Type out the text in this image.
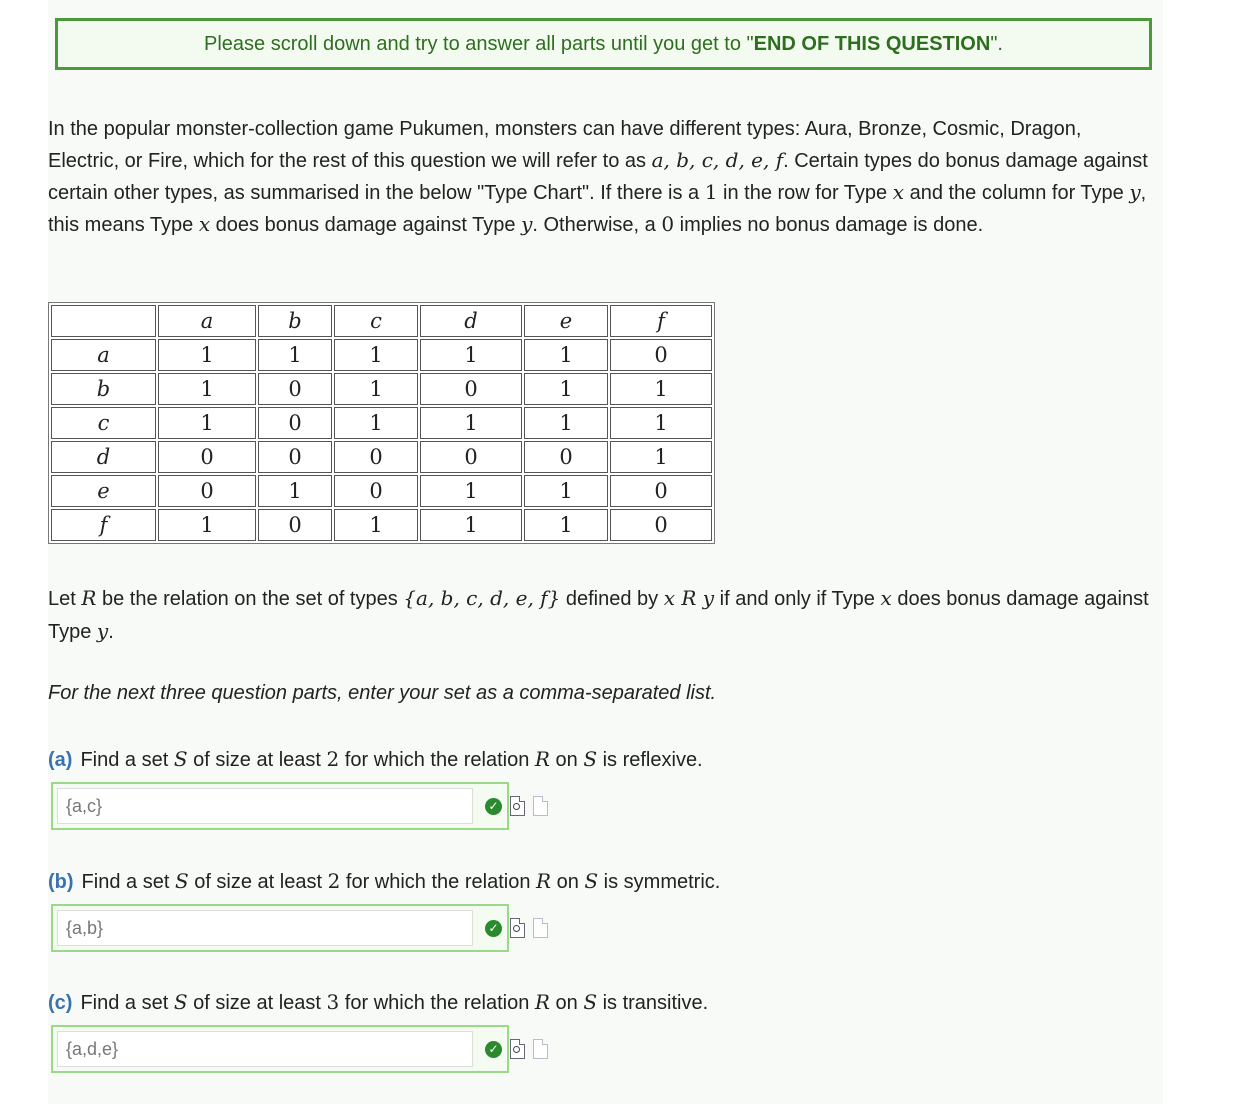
Please scroll down and try to answer all parts until you get to " END OF THIS QUESTION ".
In the popular monster-collection game Pukumen, monsters can have different types: Aura, Bronze, Cosmic, Dragon, Electric, or Fire, which for the rest of this question we will refer to as a, b, c, d, e, f. Certain types do bonus damage against certain other types, as summarised in the below "Type Chart". If there is a 1 in the row for Type x and the column for Type y, this means Type x does bonus damage against Type y. Otherwise, a 0 implies no bonus damage is done.
	a	b	c	d	e	f
a	1	1	1	1	1	0
b	1	0	1	0	1	1
c	1	0	1	1	1	1
d	0	0	0	0	0	1
e	0	1	0	1	1	0
f	1	0	1	1	1	0
Let R be the relation on the set of types {a, b, c, d, e, f} defined by x R y if and only if Type x does bonus damage against Type y.
For the next three question parts, enter your set as a comma-separated list.
(a) Find a set S of size at least 2 for which the relation R on S is reflexive.
{a,c}
✓
(b) Find a set S of size at least 2 for which the relation R on S is symmetric.
{a,b}
✓
(c) Find a set S of size at least 3 for which the relation R on S is transitive.
{a,d,e}
✓
